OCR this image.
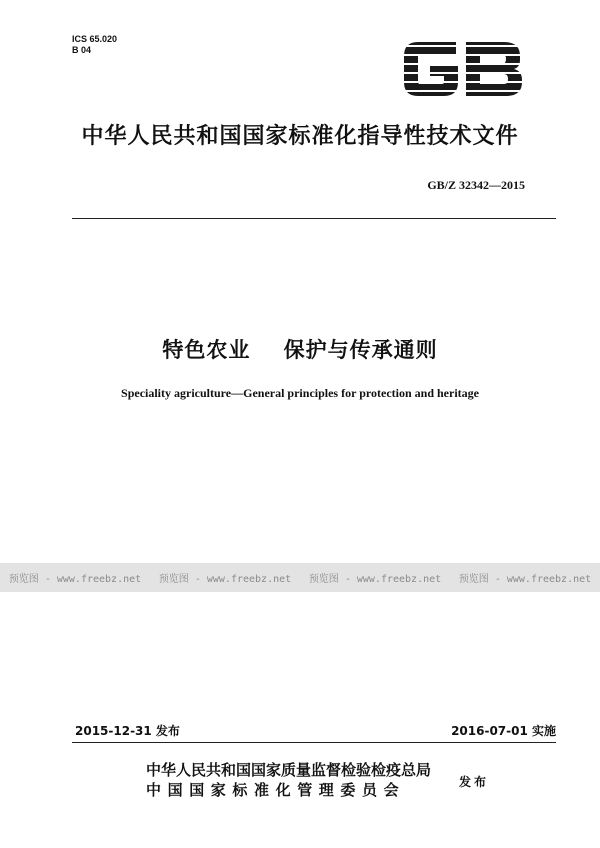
ICS 65.020
B 04
中华人民共和国国家标准化指导性技术文件
GB/Z 32342—2015
特色农业    保护与传承通则
Speciality agriculture—General principles for protection and heritage
预览图 - www.freebz.net	预览图 - www.freebz.net	预览图 - www.freebz.net	预览图 - www.freebz.net
2015-12-31 发布	2016-07-01 实施
中华人民共和国国家质量监督检验检疫总局
中国国家标准化管理委员会	发布
